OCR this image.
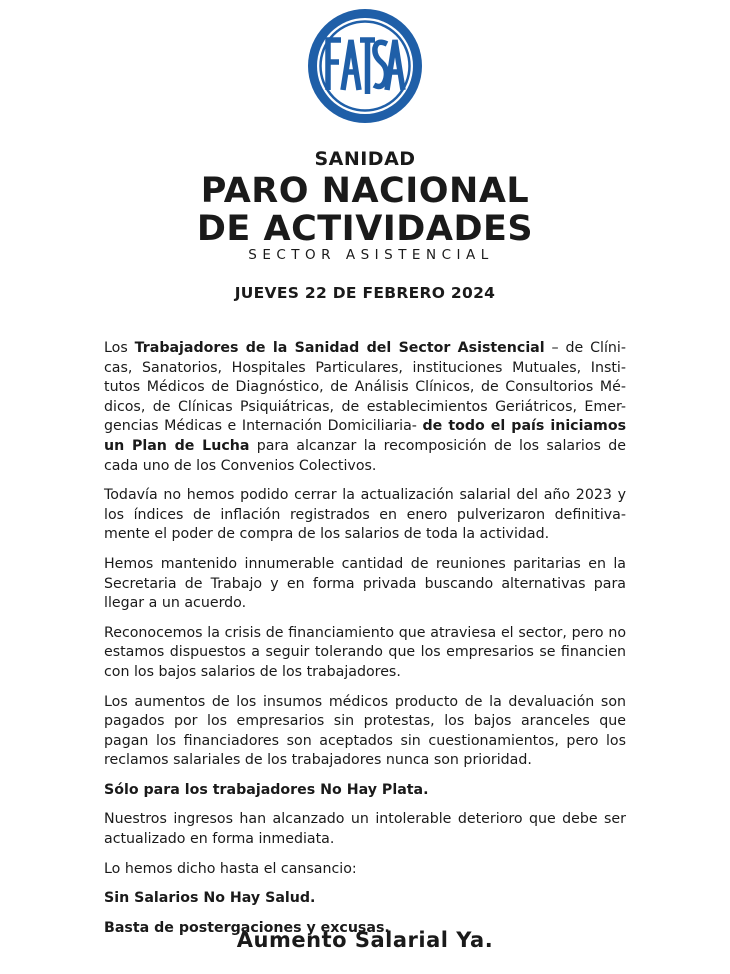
SANIDAD
PARO NACIONAL
DE ACTIVIDADES
SECTOR ASISTENCIAL
JUEVES 22 DE FEBRERO 2024

Los Trabajadores de la Sanidad del Sector Asistencial – de Clíni-cas, Sanatorios, Hospitales Particulares, instituciones Mutuales, Insti-tutos Médicos de Diagnóstico, de Análisis Clínicos, de Consultorios Mé-dicos, de Clínicas Psiquiátricas, de establecimientos Geriátricos, Emer-gencias Médicas e Internación Domiciliaria- de todo el país iniciamos un Plan de Lucha para alcanzar la recomposición de los salarios de cada uno de los Convenios Colectivos.

Todavía no hemos podido cerrar la actualización salarial del año 2023 y los índices de inflación registrados en enero pulverizaron definitiva-mente el poder de compra de los salarios de toda la actividad.

Hemos mantenido innumerable cantidad de reuniones paritarias en la Secretaria de Trabajo y en forma privada buscando alternativas para llegar a un acuerdo.

Reconocemos la crisis de financiamiento que atraviesa el sector, pero no estamos dispuestos a seguir tolerando que los empresarios se financien con los bajos salarios de los trabajadores.

Los aumentos de los insumos médicos producto de la devaluación son pagados por los empresarios sin protestas, los bajos aranceles que pagan los financiadores son aceptados sin cuestionamientos, pero los reclamos salariales de los trabajadores nunca son prioridad.

Sólo para los trabajadores No Hay Plata.

Nuestros ingresos han alcanzado un intolerable deterioro que debe ser actualizado en forma inmediata.

Lo hemos dicho hasta el cansancio:

Sin Salarios No Hay Salud.

Basta de postergaciones y excusas.

Aumento Salarial Ya.
